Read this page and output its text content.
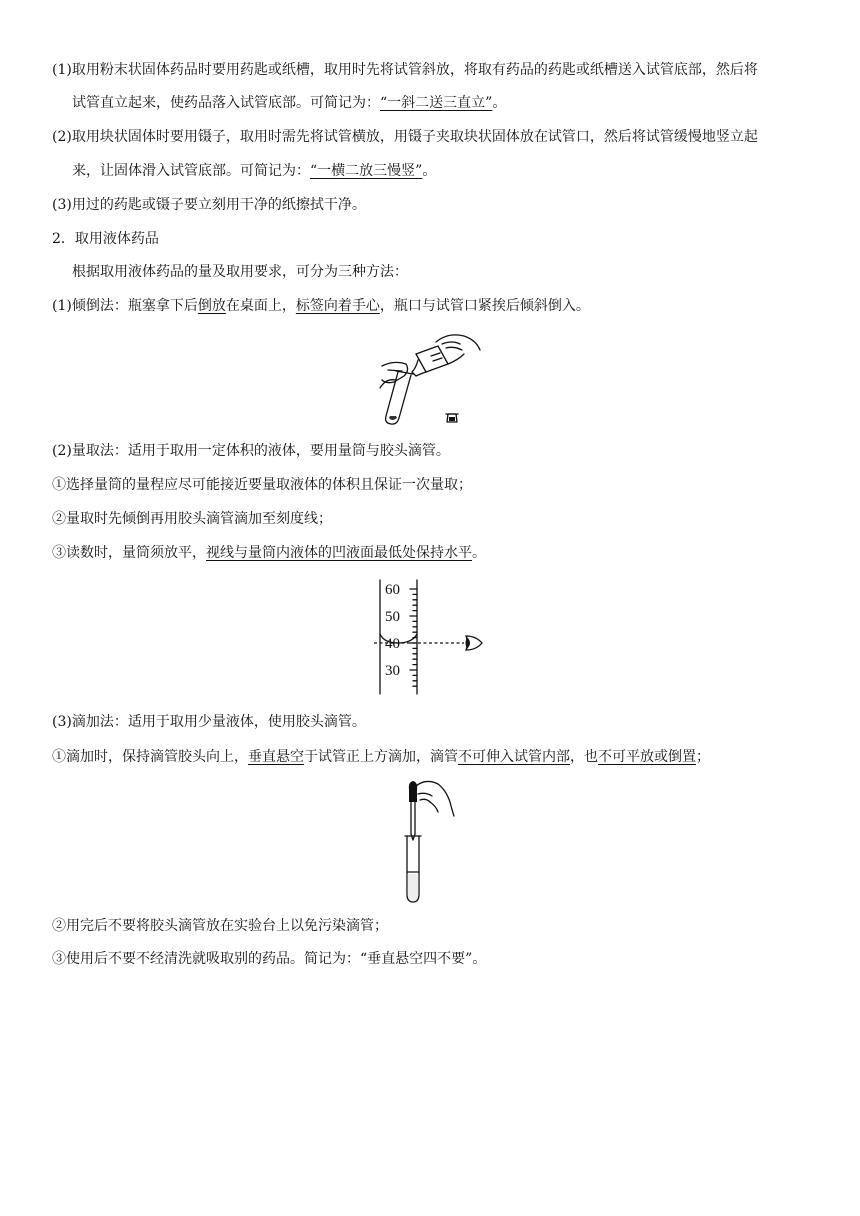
(1)取用粉末状固体药品时要用药匙或纸槽，取用时先将试管斜放，将取有药品的药匙或纸槽送入试管底部，然后将
试管直立起来，使药品落入试管底部。可简记为：“一斜二送三直立”。
(2)取用块状固体时要用镊子，取用时需先将试管横放，用镊子夹取块状固体放在试管口，然后将试管缓慢地竖立起
来，让固体滑入试管底部。可简记为：“一横二放三慢竖”。
(3)用过的药匙或镊子要立刻用干净的纸擦拭干净。
2．取用液体药品
根据取用液体药品的量及取用要求，可分为三种方法：
(1)倾倒法：瓶塞拿下后倒放在桌面上，标签向着手心，瓶口与试管口紧挨后倾斜倒入。
(2)量取法：适用于取用一定体积的液体，要用量筒与胶头滴管。
①选择量筒的量程应尽可能接近要量取液体的体积且保证一次量取；
②量取时先倾倒再用胶头滴管滴加至刻度线；
③读数时，量筒须放平，视线与量筒内液体的凹液面最低处保持水平。
60
50
40
30
(3)滴加法：适用于取用少量液体，使用胶头滴管。
①滴加时，保持滴管胶头向上，垂直悬空于试管正上方滴加，滴管不可伸入试管内部，也不可平放或倒置；
②用完后不要将胶头滴管放在实验台上以免污染滴管；
③使用后不要不经清洗就吸取别的药品。简记为：“垂直悬空四不要”。
